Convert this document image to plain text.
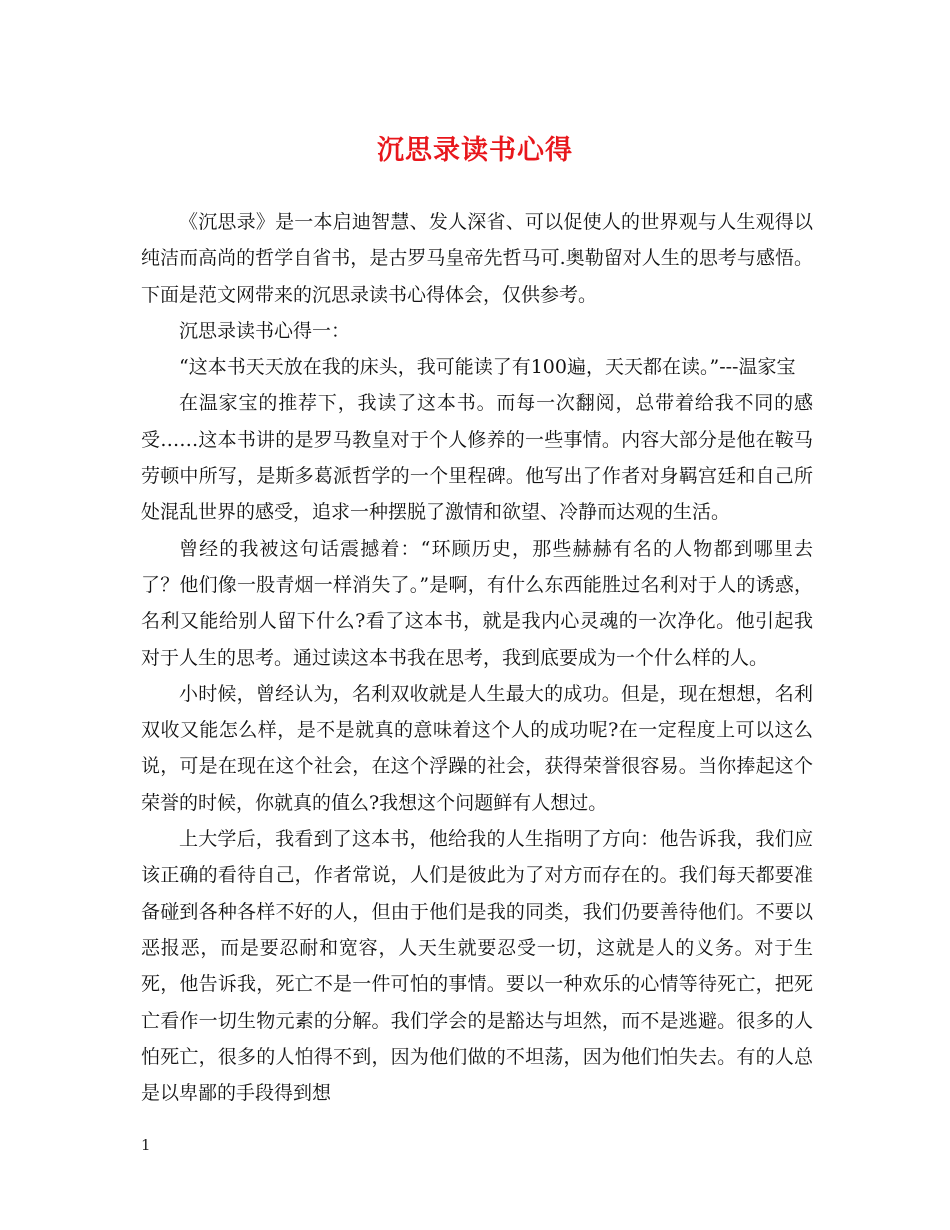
沉思录读书心得

《沉思录》是一本启迪智慧、发人深省、可以促使人的世界观与人生观得以纯洁而高尚的哲学自省书，是古罗马皇帝先哲马可.奥勒留对人生的思考与感悟。下面是范文网带来的沉思录读书心得体会，仅供参考。

沉思录读书心得一：

“这本书天天放在我的床头，我可能读了有100遍，天天都在读。”---温家宝

在温家宝的推荐下，我读了这本书。而每一次翻阅，总带着给我不同的感受……这本书讲的是罗马教皇对于个人修养的一些事情。内容大部分是他在鞍马劳顿中所写，是斯多葛派哲学的一个里程碑。他写出了作者对身羁宫廷和自己所处混乱世界的感受，追求一种摆脱了激情和欲望、冷静而达观的生活。

曾经的我被这句话震撼着：“环顾历史，那些赫赫有名的人物都到哪里去了？他们像一股青烟一样消失了。”是啊，有什么东西能胜过名利对于人的诱惑，名利又能给别人留下什么?看了这本书，就是我内心灵魂的一次净化。他引起我对于人生的思考。通过读这本书我在思考，我到底要成为一个什么样的人。

小时候，曾经认为，名利双收就是人生最大的成功。但是，现在想想，名利双收又能怎么样，是不是就真的意味着这个人的成功呢?在一定程度上可以这么说，可是在现在这个社会，在这个浮躁的社会，获得荣誉很容易。当你捧起这个荣誉的时候，你就真的值么?我想这个问题鲜有人想过。

上大学后，我看到了这本书，他给我的人生指明了方向：他告诉我，我们应该正确的看待自己，作者常说，人们是彼此为了对方而存在的。我们每天都要准备碰到各种各样不好的人，但由于他们是我的同类，我们仍要善待他们。不要以恶报恶，而是要忍耐和宽容，人天生就要忍受一切，这就是人的义务。对于生死，他告诉我，死亡不是一件可怕的事情。要以一种欢乐的心情等待死亡，把死亡看作一切生物元素的分解。我们学会的是豁达与坦然，而不是逃避。很多的人怕死亡，很多的人怕得不到，因为他们做的不坦荡，因为他们怕失去。有的人总是以卑鄙的手段得到想

1
